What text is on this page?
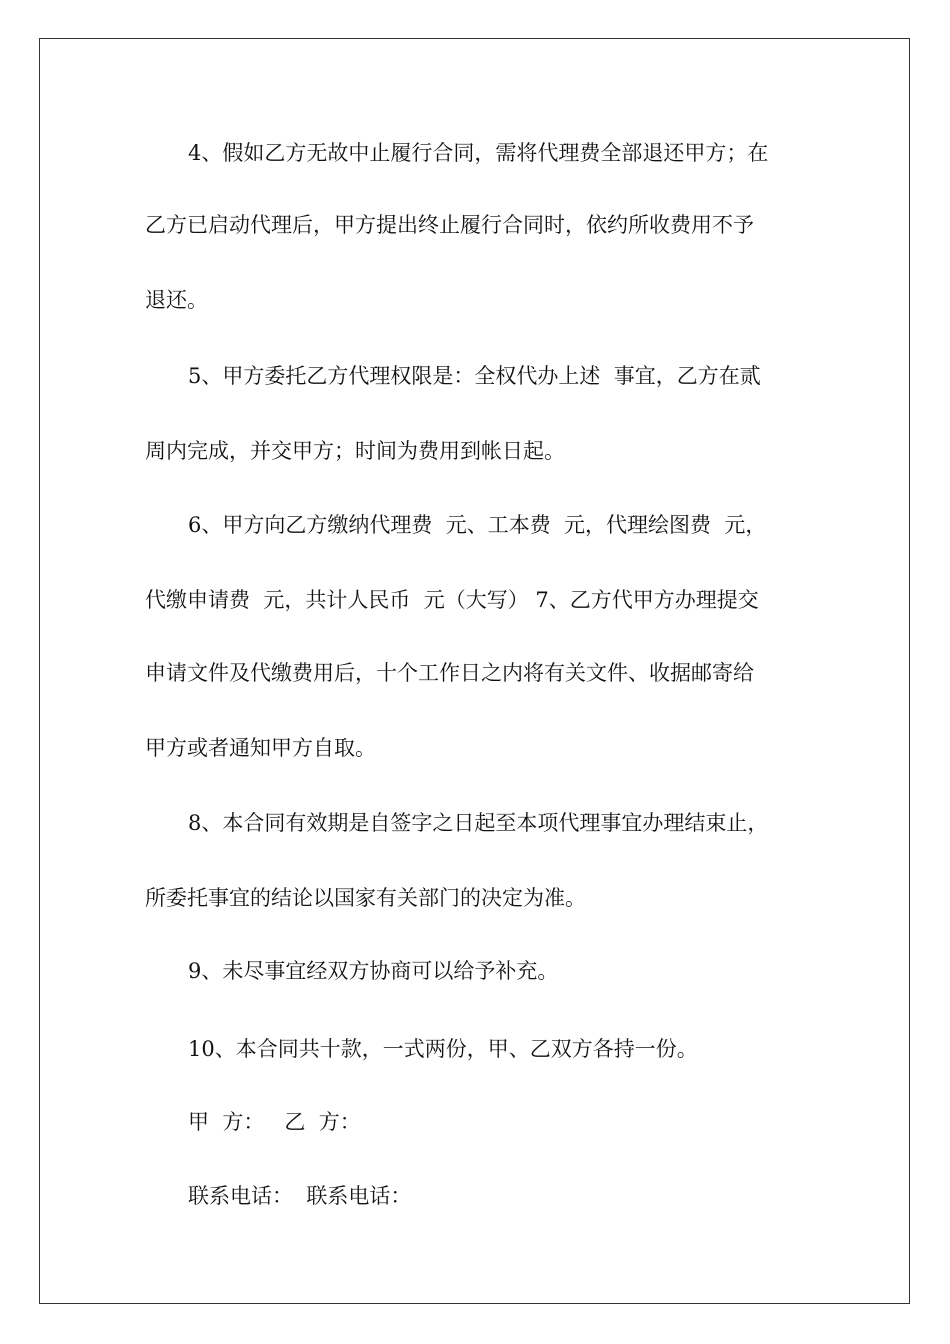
4、假如乙方无故中止履行合同，需将代理费全部退还甲方；在
乙方已启动代理后，甲方提出终止履行合同时，依约所收费用不予
退还。
5、甲方委托乙方代理权限是：全权代办上述  事宜，乙方在贰
周内完成，并交甲方；时间为费用到帐日起。
6、甲方向乙方缴纳代理费  元、工本费  元，代理绘图费  元，
代缴申请费  元，共计人民币  元（大写） 7、乙方代甲方办理提交
申请文件及代缴费用后，十个工作日之内将有关文件、收据邮寄给
甲方或者通知甲方自取。
8、本合同有效期是自签字之日起至本项代理事宜办理结束止，
所委托事宜的结论以国家有关部门的决定为准。
9、未尽事宜经双方协商可以给予补充。
10、本合同共十款，一式两份，甲、乙双方各持一份。
甲  方：   乙  方：
联系电话：  联系电话：
